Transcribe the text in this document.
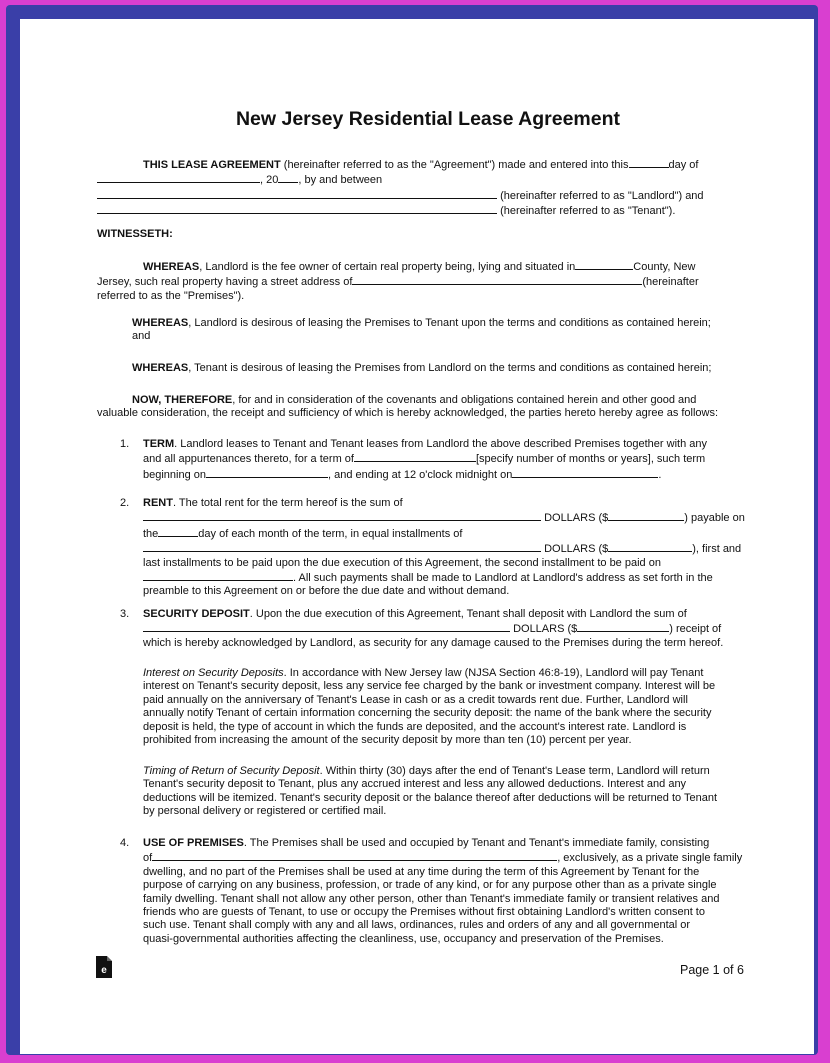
New Jersey Residential Lease Agreement
THIS LEASE AGREEMENT (hereinafter referred to as the "Agreement") made and entered into this	day of
, 20 , by and between
(hereinafter referred to as "Landlord") and
(hereinafter referred to as "Tenant").
WITNESSETH:
WHEREAS, Landlord is the fee owner of certain real property being, lying and situated in	County, New
Jersey, such real property having a street address of	(hereinafter
referred to as the "Premises").
WHEREAS, Landlord is desirous of leasing the Premises to Tenant upon the terms and conditions as contained herein;
and
WHEREAS, Tenant is desirous of leasing the Premises from Landlord on the terms and conditions as contained herein;
NOW, THEREFORE, for and in consideration of the covenants and obligations contained herein and other good and
valuable consideration, the receipt and sufficiency of which is hereby acknowledged, the parties hereto hereby agree as follows:
1. TERM. Landlord leases to Tenant and Tenant leases from Landlord the above described Premises together with any
and all appurtenances thereto, for a term of	[specify number of months or years], such term
beginning on	, and ending at 12 o'clock midnight on	.
2. RENT. The total rent for the term hereof is the sum of
DOLLARS ($	) payable on
the	day of each month of the term, in equal installments of
DOLLARS ($	), first and
last installments to be paid upon the due execution of this Agreement, the second installment to be paid on
. All such payments shall be made to Landlord at Landlord's address as set forth in the
preamble to this Agreement on or before the due date and without demand.
3. SECURITY DEPOSIT. Upon the due execution of this Agreement, Tenant shall deposit with Landlord the sum of
DOLLARS ($	) receipt of
which is hereby acknowledged by Landlord, as security for any damage caused to the Premises during the term hereof.
Interest on Security Deposits. In accordance with New Jersey law (NJSA Section 46:8-19), Landlord will pay Tenant
interest on Tenant's security deposit, less any service fee charged by the bank or investment company. Interest will be
paid annually on the anniversary of Tenant's Lease in cash or as a credit towards rent due. Further, Landlord will
annually notify Tenant of certain information concerning the security deposit: the name of the bank where the security
deposit is held, the type of account in which the funds are deposited, and the account's interest rate. Landlord is
prohibited from increasing the amount of the security deposit by more than ten (10) percent per year.
Timing of Return of Security Deposit. Within thirty (30) days after the end of Tenant's Lease term, Landlord will return
Tenant's security deposit to Tenant, plus any accrued interest and less any allowed deductions. Interest and any
deductions will be itemized. Tenant's security deposit or the balance thereof after deductions will be returned to Tenant
by personal delivery or registered or certified mail.
4. USE OF PREMISES. The Premises shall be used and occupied by Tenant and Tenant's immediate family, consisting
of	, exclusively, as a private single family
dwelling, and no part of the Premises shall be used at any time during the term of this Agreement by Tenant for the
purpose of carrying on any business, profession, or trade of any kind, or for any purpose other than as a private single
family dwelling. Tenant shall not allow any other person, other than Tenant's immediate family or transient relatives and
friends who are guests of Tenant, to use or occupy the Premises without first obtaining Landlord's written consent to
such use. Tenant shall comply with any and all laws, ordinances, rules and orders of any and all governmental or
quasi-governmental authorities affecting the cleanliness, use, occupancy and preservation of the Premises.
e	Page 1 of 6
